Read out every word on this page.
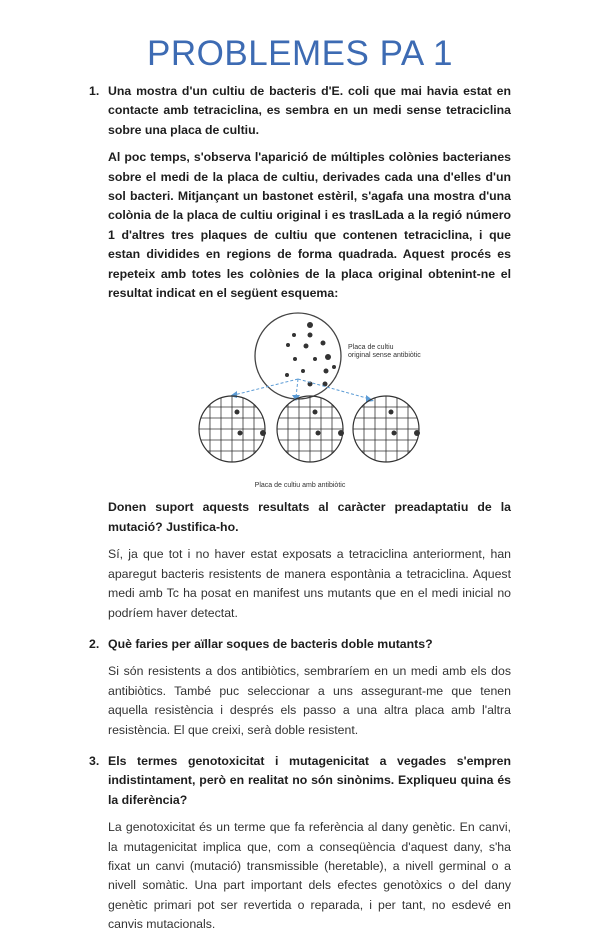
PROBLEMES PA 1
1. Una mostra d'un cultiu de bacteris d'E. coli que mai havia estat en contacte amb tetraciclina, es sembra en un medi sense tetraciclina sobre una placa de cultiu.
Al poc temps, s'observa l'aparició de múltiples colònies bacterianes sobre el medi de la placa de cultiu, derivades cada una d'elles d'un sol bacteri. Mitjançant un bastonet estèril, s'agafa una mostra d'una colònia de la placa de cultiu original i es traslLada a la regió número 1 d'altres tres plaques de cultiu que contenen tetraciclina, i que estan dividides en regions de forma quadrada. Aquest procés es repeteix amb totes les colònies de la placa original obtenint-ne el resultat indicat en el següent esquema:
Placa de cultiu original sense antibiòtic
Placa de cultiu amb antibiòtic
Donen suport aquests resultats al caràcter preadaptatiu de la mutació? Justifica-ho.
Sí, ja que tot i no haver estat exposats a tetraciclina anteriorment, han aparegut bacteris resistents de manera espontània a tetraciclina. Aquest medi amb Tc ha posat en manifest uns mutants que en el medi inicial no podríem haver detectat.
2. Què faries per aïllar soques de bacteris doble mutants?
Si són resistents a dos antibiòtics, sembraríem en un medi amb els dos antibiòtics. També puc seleccionar a uns assegurant-me que tenen aquella resistència i després els passo a una altra placa amb l'altra resistència. El que creixi, serà doble resistent.
3. Els termes genotoxicitat i mutagenicitat a vegades s'empren indistintament, però en realitat no són sinònims. Expliqueu quina és la diferència?
La genotoxicitat és un terme que fa referència al dany genètic. En canvi, la mutagenicitat implica que, com a conseqüència d'aquest dany, s'ha fixat un canvi (mutació) transmissible (heretable), a nivell germinal o a nivell somàtic. Una part important dels efectes genotòxics o del dany genètic primari pot ser revertida o reparada, i per tant, no esdevé en canvis mutacionals.
